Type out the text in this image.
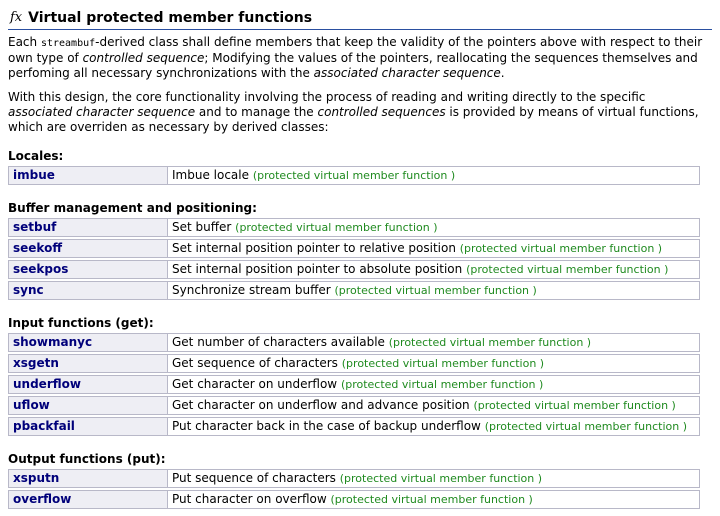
fx Virtual protected member functions

Each streambuf-derived class shall define members that keep the validity of the pointers above with respect to their own type of controlled sequence; Modifying the values of the pointers, reallocating the sequences themselves and perfoming all necessary synchronizations with the associated character sequence.

With this design, the core functionality involving the process of reading and writing directly to the specific associated character sequence and to manage the controlled sequences is provided by means of virtual functions, which are overriden as necessary by derived classes:

Locales:
imbue	Imbue locale (protected virtual member function )
Buffer management and positioning:
setbuf	Set buffer (protected virtual member function )
seekoff	Set internal position pointer to relative position (protected virtual member function )
seekpos	Set internal position pointer to absolute position (protected virtual member function )
sync	Synchronize stream buffer (protected virtual member function )
Input functions (get):
showmanyc	Get number of characters available (protected virtual member function )
xsgetn	Get sequence of characters (protected virtual member function )
underflow	Get character on underflow (protected virtual member function )
uflow	Get character on underflow and advance position (protected virtual member function )
pbackfail	Put character back in the case of backup underflow (protected virtual member function )
Output functions (put):
xsputn	Put sequence of characters (protected virtual member function )
overflow	Put character on overflow (protected virtual member function )
